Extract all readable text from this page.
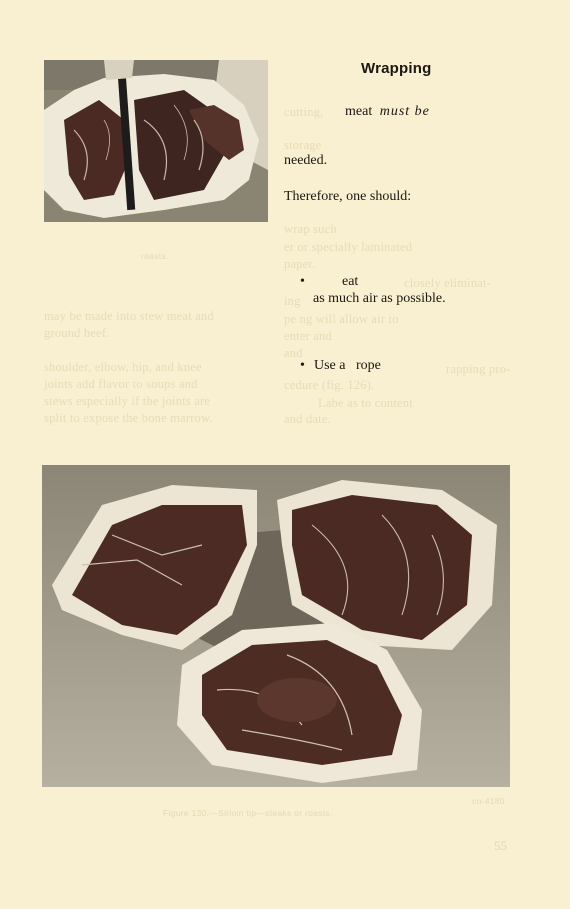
Wrapping
cutting, meat must be
storage
needed.
Therefore, one should:
wrap such
er or specially laminated
paper.
•	eat	closely eliminat-
as much air as possible.
ing
pe ng will allow air to
enter and
and
• Use a   rope	rapping pro-
cedure (fig. 126).
Labe as to content
and date.
roasts.
may be made into stew meat and
ground beef.
shoulder, elbow, hip, and knee
joints add flavor to soups and
stews especially if the joints are
split to expose the bone marrow.
Figure 130.—Sirloin tip—steaks or roasts.
cn-4180
55
